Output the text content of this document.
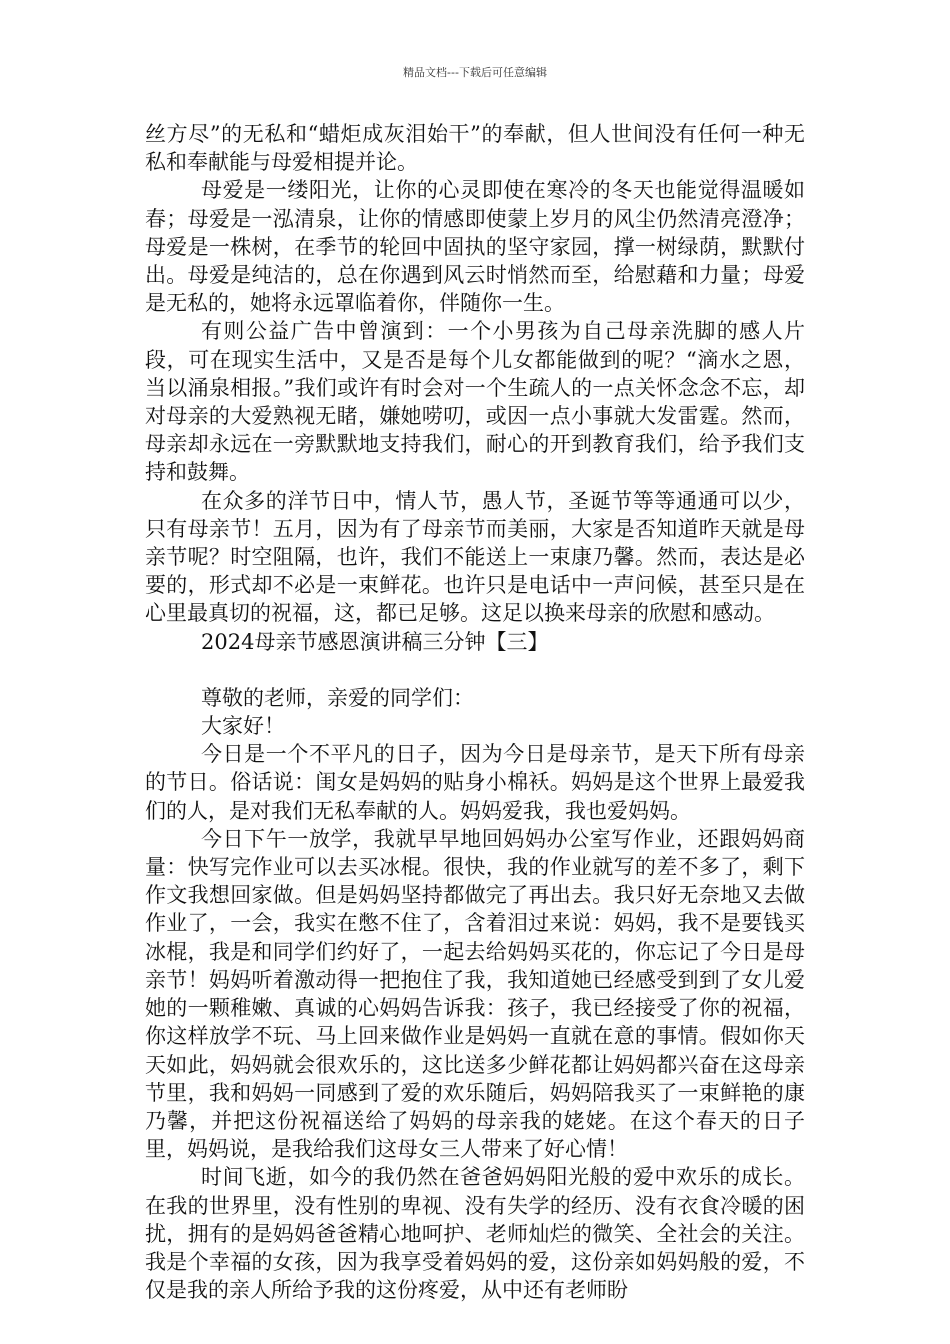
精品文档---下载后可任意编辑

丝方尽”的无私和“蜡炬成灰泪始干”的奉献，但人世间没有任何一种无私和奉献能与母爱相提并论。

母爱是一缕阳光，让你的心灵即使在寒冷的冬天也能觉得温暖如春；母爱是一泓清泉，让你的情感即使蒙上岁月的风尘仍然清亮澄净；母爱是一株树，在季节的轮回中固执的坚守家园，撑一树绿荫，默默付出。母爱是纯洁的，总在你遇到风云时悄然而至，给慰藉和力量；母爱是无私的，她将永远罩临着你，伴随你一生。

有则公益广告中曾演到：一个小男孩为自己母亲洗脚的感人片段，可在现实生活中，又是否是每个儿女都能做到的呢？“滴水之恩，当以涌泉相报。”我们或许有时会对一个生疏人的一点关怀念念不忘，却对母亲的大爱熟视无睹，嫌她唠叨，或因一点小事就大发雷霆。然而，母亲却永远在一旁默默地支持我们，耐心的开到教育我们，给予我们支持和鼓舞。

在众多的洋节日中，情人节，愚人节，圣诞节等等通通可以少，只有母亲节！五月，因为有了母亲节而美丽，大家是否知道昨天就是母亲节呢？时空阻隔，也许，我们不能送上一束康乃馨。然而，表达是必要的，形式却不必是一束鲜花。也许只是电话中一声问候，甚至只是在心里最真切的祝福，这，都已足够。这足以换来母亲的欣慰和感动。

2024母亲节感恩演讲稿三分钟【三】

尊敬的老师，亲爱的同学们：

大家好！

今日是一个不平凡的日子，因为今日是母亲节，是天下所有母亲的节日。俗话说：闺女是妈妈的贴身小棉袄。妈妈是这个世界上最爱我们的人，是对我们无私奉献的人。妈妈爱我，我也爱妈妈。

今日下午一放学，我就早早地回妈妈办公室写作业，还跟妈妈商量：快写完作业可以去买冰棍。很快，我的作业就写的差不多了，剩下作文我想回家做。但是妈妈坚持都做完了再出去。我只好无奈地又去做作业了，一会，我实在憋不住了，含着泪过来说：妈妈，我不是要钱买冰棍，我是和同学们约好了，一起去给妈妈买花的，你忘记了今日是母亲节！妈妈听着激动得一把抱住了我，我知道她已经感受到到了女儿爱她的一颗稚嫩、真诚的心妈妈告诉我：孩子，我已经接受了你的祝福，你这样放学不玩、马上回来做作业是妈妈一直就在意的事情。假如你天天如此，妈妈就会很欢乐的，这比送多少鲜花都让妈妈都兴奋在这母亲节里，我和妈妈一同感到了爱的欢乐随后，妈妈陪我买了一束鲜艳的康乃馨，并把这份祝福送给了妈妈的母亲我的姥姥。在这个春天的日子里，妈妈说，是我给我们这母女三人带来了好心情！

时间飞逝，如今的我仍然在爸爸妈妈阳光般的爱中欢乐的成长。在我的世界里，没有性别的卑视、没有失学的经历、没有衣食冷暖的困扰，拥有的是妈妈爸爸精心地呵护、老师灿烂的微笑、全社会的关注。我是个幸福的女孩，因为我享受着妈妈的爱，这份亲如妈妈般的爱，不仅是我的亲人所给予我的这份疼爱，从中还有老师盼
